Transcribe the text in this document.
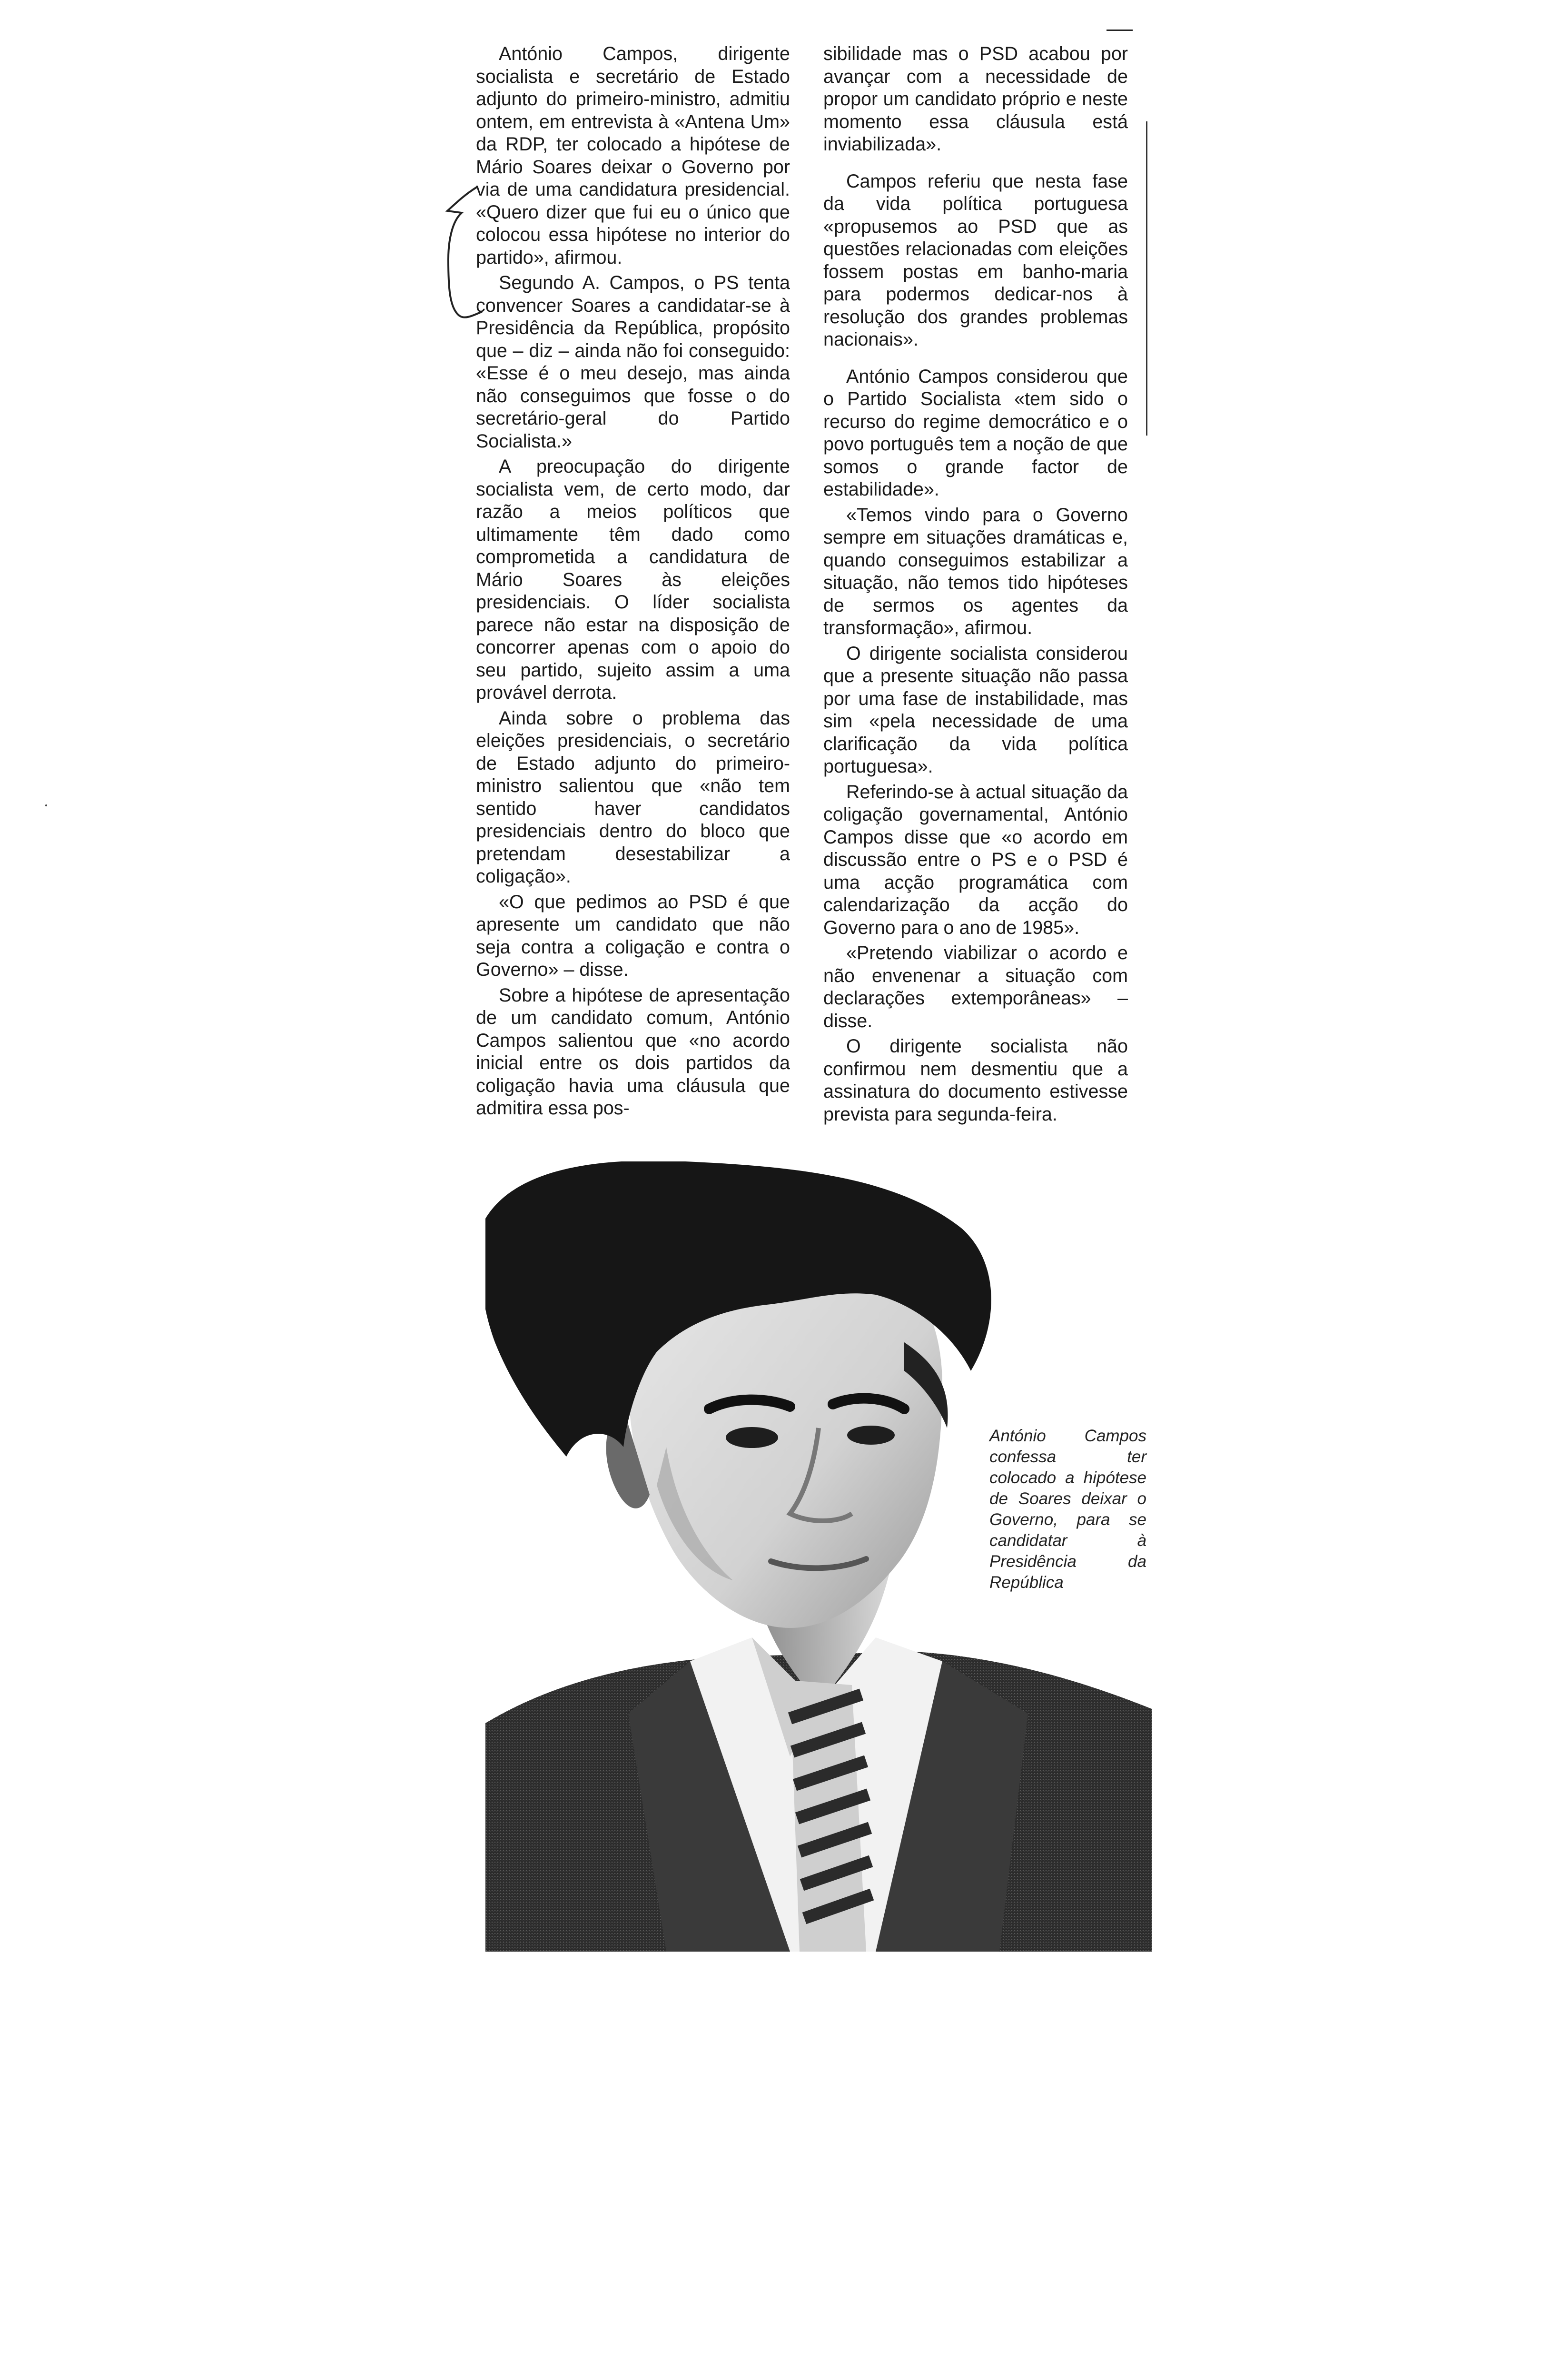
António Campos, dirigente socialista e secretário de Estado adjunto do primeiro-ministro, admitiu ontem, em entrevista à «Antena Um» da RDP, ter colocado a hipótese de Mário Soares deixar o Governo por via de uma candidatura presidencial. «Quero dizer que fui eu o único que colocou essa hipótese no interior do partido», afirmou.

Segundo A. Campos, o PS tenta convencer Soares a candidatar-se à Presidência da República, propósito que – diz – ainda não foi conseguido: «Esse é o meu desejo, mas ainda não conseguimos que fosse o do secretário-geral do Partido Socialista.»

A preocupação do dirigente socialista vem, de certo modo, dar razão a meios políticos que ultimamente têm dado como comprometida a candidatura de Mário Soares às eleições presidenciais. O líder socialista parece não estar na disposição de concorrer apenas com o apoio do seu partido, sujeito assim a uma provável derrota.

Ainda sobre o problema das eleições presidenciais, o secretário de Estado adjunto do primeiro-ministro salientou que «não tem sentido haver candidatos presidenciais dentro do bloco que pretendam desestabilizar a coligação».

«O que pedimos ao PSD é que apresente um candidato que não seja contra a coligação e contra o Governo» – disse.

Sobre a hipótese de apresentação de um candidato comum, António Campos salientou que «no acordo inicial entre os dois partidos da coligação havia uma cláusula que admitira essa pos-

sibilidade mas o PSD acabou por avançar com a necessidade de propor um candidato próprio e neste momento essa cláusula está inviabilizada».

Campos referiu que nesta fase da vida política portuguesa «propusemos ao PSD que as questões relacionadas com eleições fossem postas em banho-maria para podermos dedicar-nos à resolução dos grandes problemas nacionais».

António Campos considerou que o Partido Socialista «tem sido o recurso do regime democrático e o povo português tem a noção de que somos o grande factor de estabilidade».

«Temos vindo para o Governo sempre em situações dramáticas e, quando conseguimos estabilizar a situação, não temos tido hipóteses de sermos os agentes da transformação», afirmou.

O dirigente socialista considerou que a presente situação não passa por uma fase de instabilidade, mas sim «pela necessidade de uma clarificação da vida política portuguesa».

Referindo-se à actual situação da coligação governamental, António Campos disse que «o acordo em discussão entre o PS e o PSD é uma acção programática com calendarização da acção do Governo para o ano de 1985».

«Pretendo viabilizar o acordo e não envenenar a situação com declarações extemporâneas» – disse.

O dirigente socialista não confirmou nem desmentiu que a assinatura do documento estivesse prevista para segunda-feira.

António Campos confessa ter colocado a hipótese de Soares deixar o Governo, para se candidatar à Presidência da República
